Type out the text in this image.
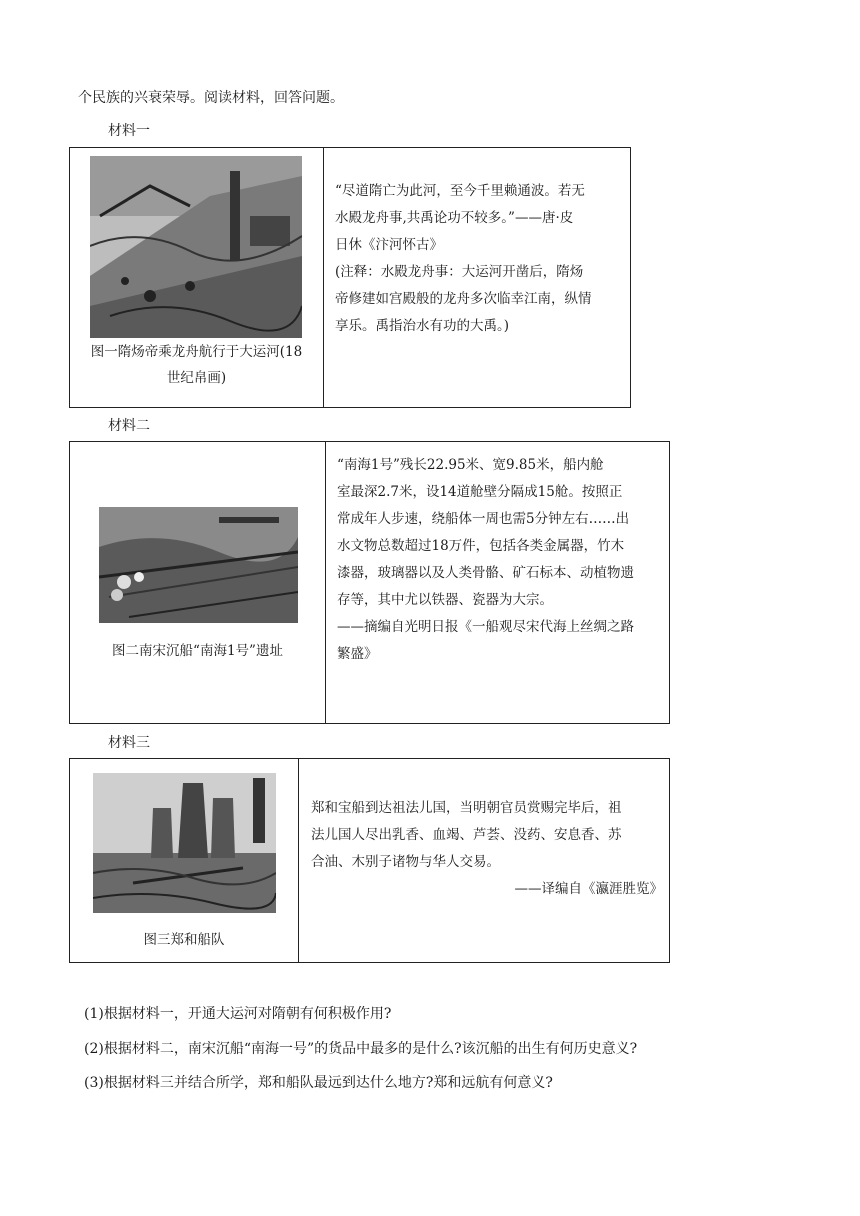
个民族的兴衰荣辱。阅读材料，回答问题。
材料一
图一隋炀帝乘龙舟航行于大运河(18
世纪帛画)

“尽道隋亡为此河，至今千里赖通波。若无

水殿龙舟事,共禹论功不较多。”——唐·皮

日休《汴河怀古》

(注释：水殿龙舟事：大运河开凿后，隋炀

帝修建如宫殿般的龙舟多次临幸江南，纵情

享乐。禹指治水有功的大禹。)

材料二
图二南宋沉船“南海1号”遗址

“南海1号”残长22.95米、宽9.85米，船内舱

室最深2.7米，设14道舱壁分隔成15舱。按照正

常成年人步速，绕船体一周也需5分钟左右……出

水文物总数超过18万件，包括各类金属器，竹木

漆器，玻璃器以及人类骨骼、矿石标本、动植物遗

存等，其中尤以铁器、瓷器为大宗。

——摘编自光明日报《一船观尽宋代海上丝绸之路

繁盛》

材料三
图三郑和船队

郑和宝船到达祖法儿国，当明朝官员赏赐完毕后，祖

法儿国人尽出乳香、血竭、芦荟、没药、安息香、苏

合油、木别子诸物与华人交易。

——译编自《瀛涯胜览》

(1)根据材料一，开通大运河对隋朝有何积极作用?
(2)根据材料二，南宋沉船“南海一号”的货品中最多的是什么?该沉船的出生有何历史意义?
(3)根据材料三并结合所学，郑和船队最远到达什么地方?郑和远航有何意义?
